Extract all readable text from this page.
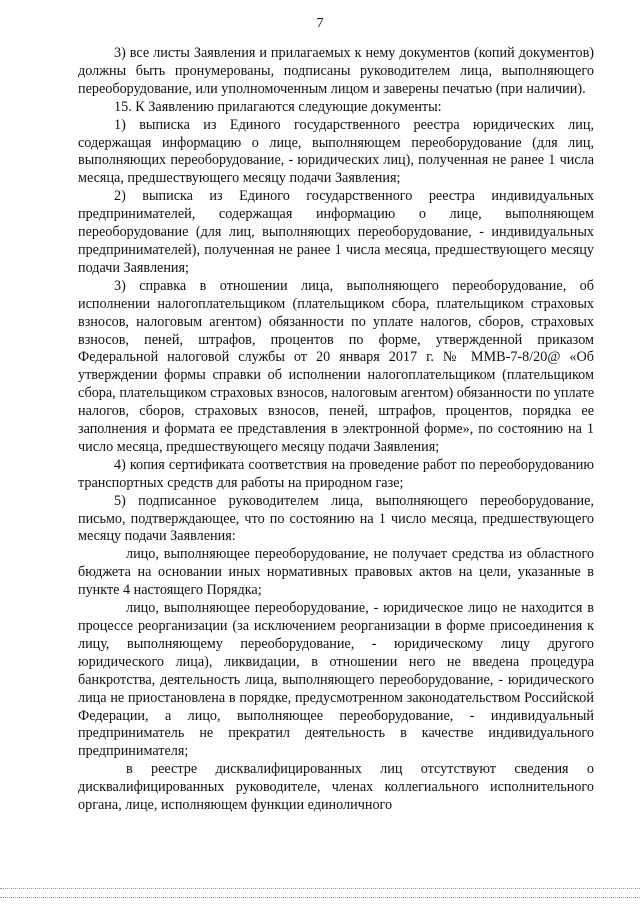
7

3) все листы Заявления и прилагаемых к нему документов (копий документов) должны быть пронумерованы, подписаны руководителем лица, выполняющего переоборудование, или уполномоченным лицом и заверены печатью (при наличии).

15. К Заявлению прилагаются следующие документы:

1) выписка из Единого государственного реестра юридических лиц, содержащая информацию о лице, выполняющем переоборудование (для лиц, выполняющих переоборудование, - юридических лиц), полученная не ранее 1 числа месяца, предшествующего месяцу подачи Заявления;

2) выписка из Единого государственного реестра индивидуальных предпринимателей, содержащая информацию о лице, выполняющем переоборудование (для лиц, выполняющих переоборудование, - индивидуальных предпринимателей), полученная не ранее 1 числа месяца, предшествующего месяцу подачи Заявления;

3) справка в отношении лица, выполняющего переоборудование, об исполнении налогоплательщиком (плательщиком сбора, плательщиком страховых взносов, налоговым агентом) обязанности по уплате налогов, сборов, страховых взносов, пеней, штрафов, процентов по форме, утвержденной приказом Федеральной налоговой службы от 20 января 2017 г. № ММВ-7-8/20@ «Об утверждении формы справки об исполнении налогоплательщиком (плательщиком сбора, плательщиком страховых взносов, налоговым агентом) обязанности по уплате налогов, сборов, страховых взносов, пеней, штрафов, процентов, порядка ее заполнения и формата ее представления в электронной форме», по состоянию на 1 число месяца, предшествующего месяцу подачи Заявления;

4) копия сертификата соответствия на проведение работ по переоборудованию транспортных средств для работы на природном газе;

5) подписанное руководителем лица, выполняющего переоборудование, письмо, подтверждающее, что по состоянию на 1 число месяца, предшествующего месяцу подачи Заявления:

лицо, выполняющее переоборудование, не получает средства из областного бюджета на основании иных нормативных правовых актов на цели, указанные в пункте 4 настоящего Порядка;

лицо, выполняющее переоборудование, - юридическое лицо не находится в процессе реорганизации (за исключением реорганизации в форме присоединения к лицу, выполняющему переоборудование, - юридическому лицу другого юридического лица), ликвидации, в отношении него не введена процедура банкротства, деятельность лица, выполняющего переоборудование, - юридического лица не приостановлена в порядке, предусмотренном законодательством Российской Федерации, а лицо, выполняющее переоборудование, - индивидуальный предприниматель не прекратил деятельность в качестве индивидуального предпринимателя;

в реестре дисквалифицированных лиц отсутствуют сведения о дисквалифицированных руководителе, членах коллегиального исполнительного органа, лице, исполняющем функции единоличного
